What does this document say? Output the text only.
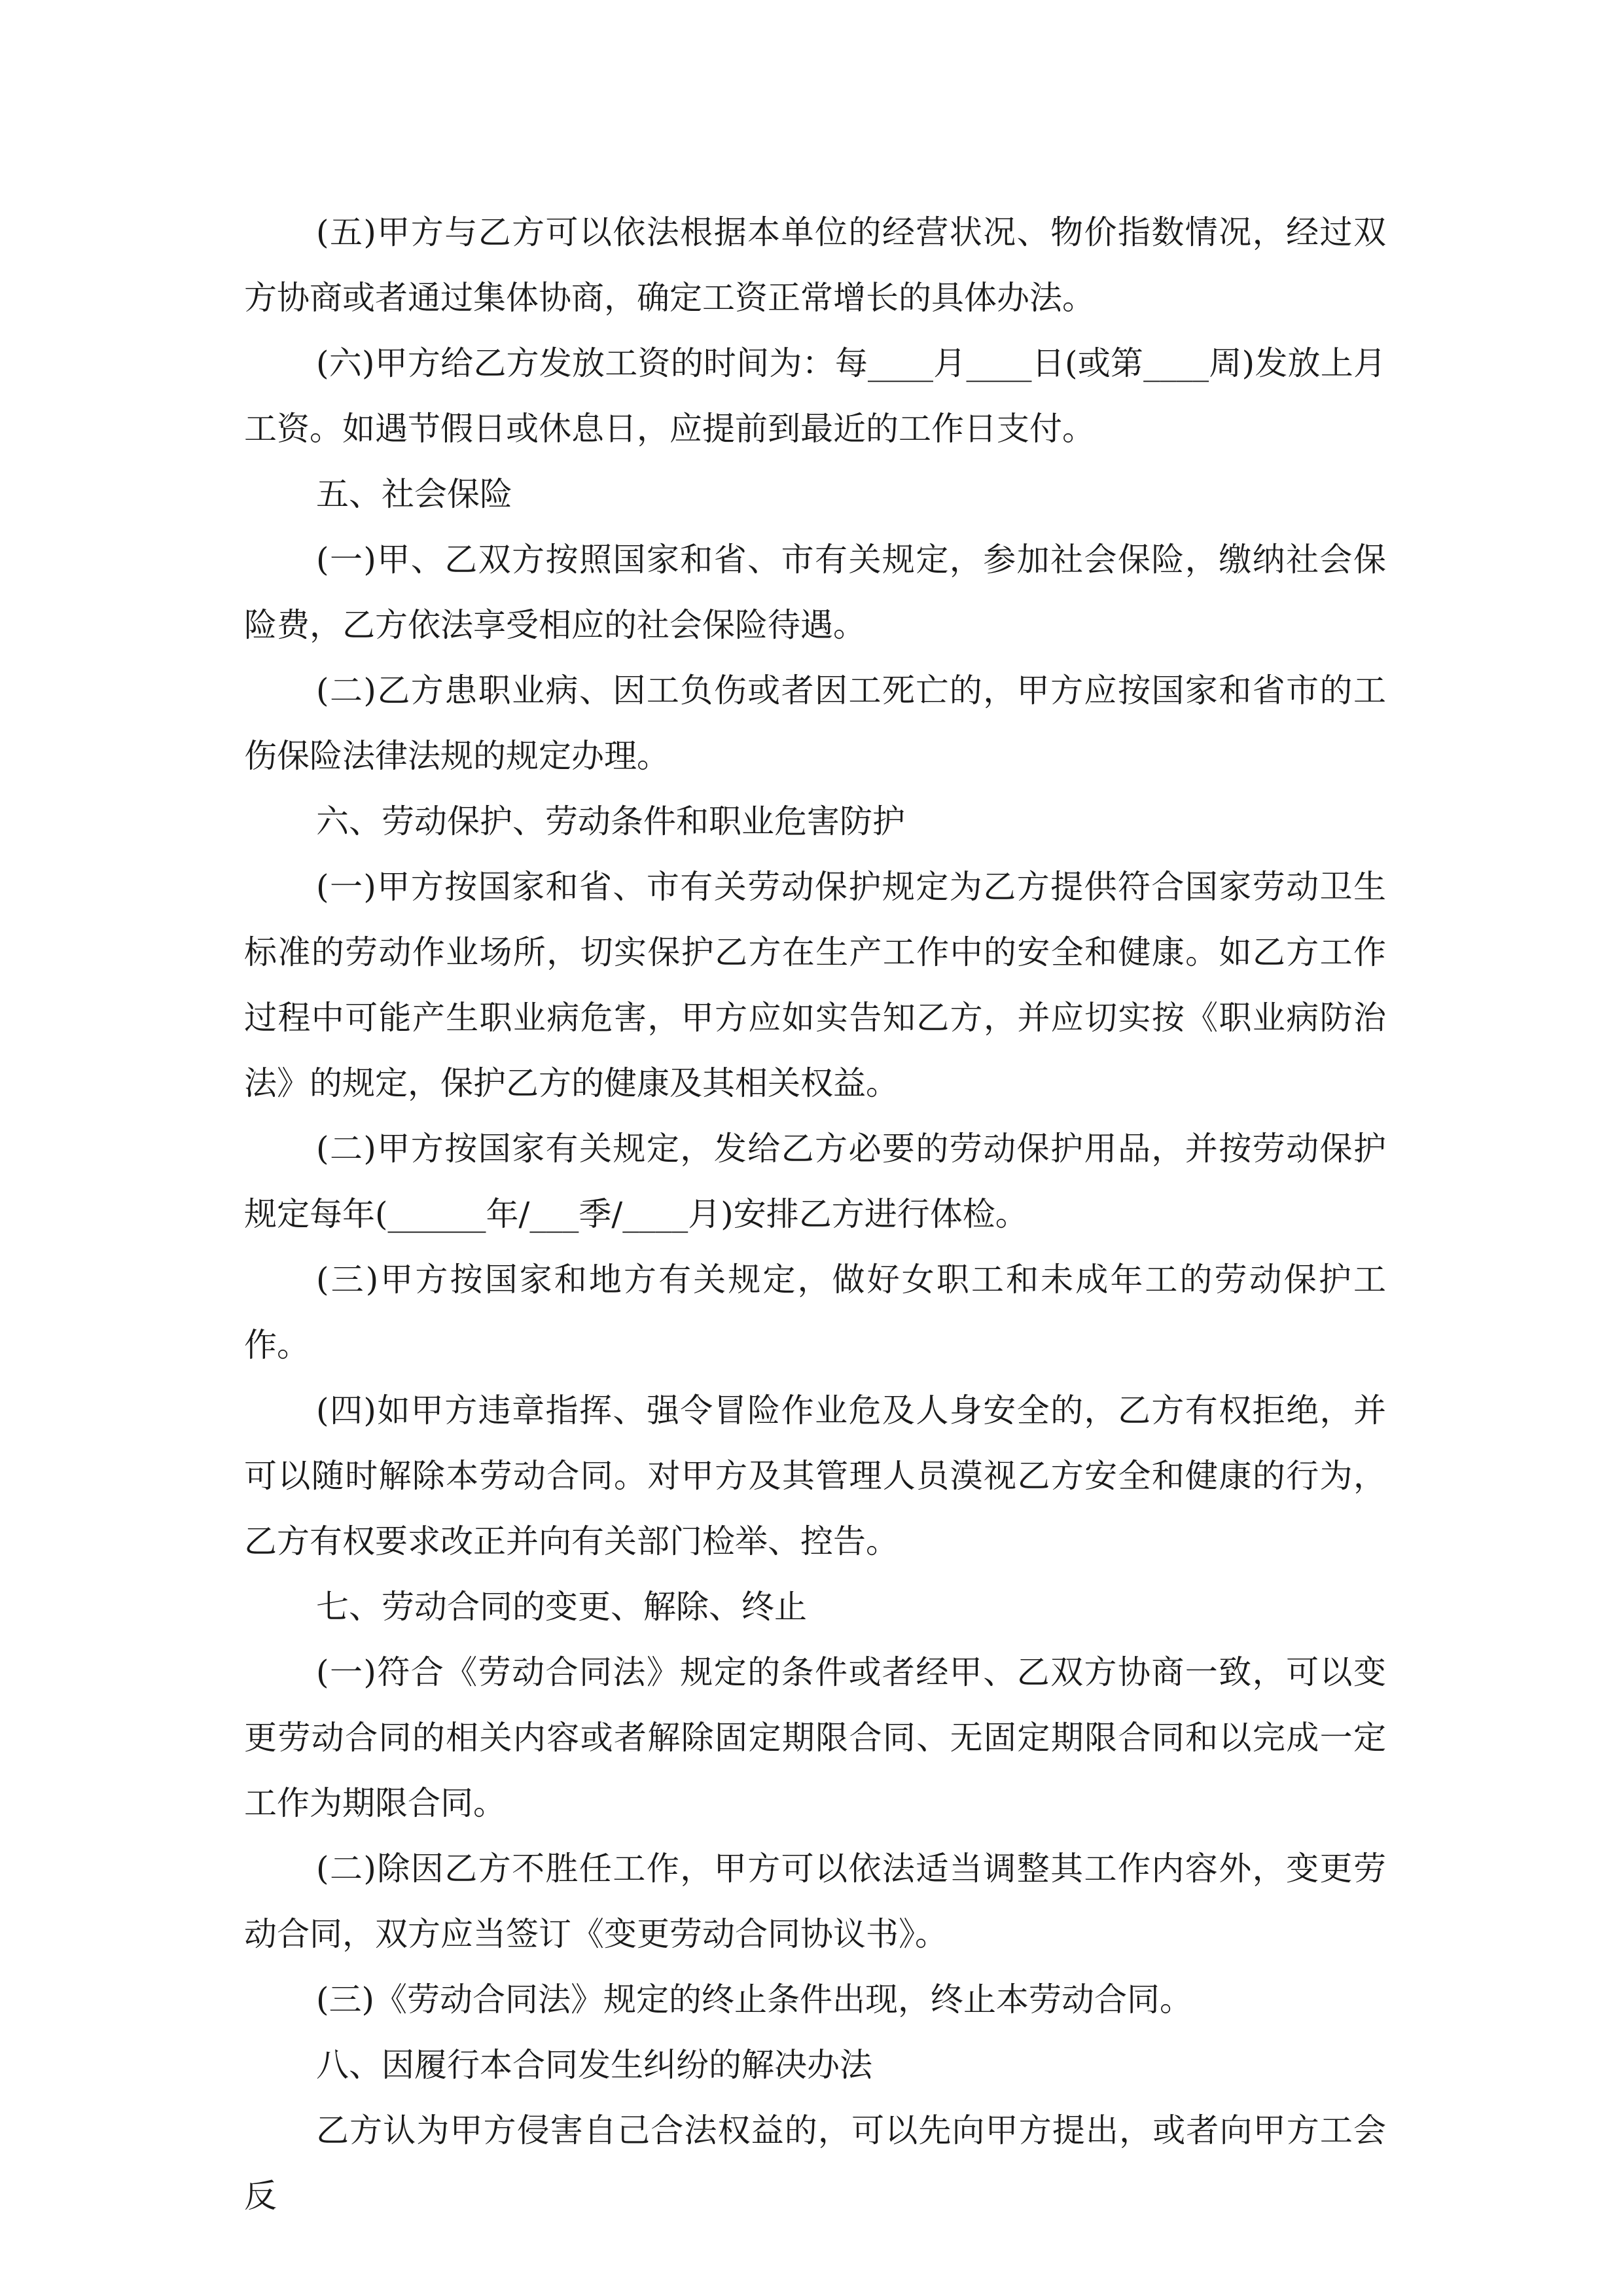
(五)甲方与乙方可以依法根据本单位的经营状况、物价指数情况，经过双方协商或者通过集体协商，确定工资正常增长的具体办法。

(六)甲方给乙方发放工资的时间为：每____月____日(或第____周)发放上月工资。如遇节假日或休息日，应提前到最近的工作日支付。

五、社会保险

(一)甲、乙双方按照国家和省、市有关规定，参加社会保险，缴纳社会保险费，乙方依法享受相应的社会保险待遇。

(二)乙方患职业病、因工负伤或者因工死亡的，甲方应按国家和省市的工伤保险法律法规的规定办理。

六、劳动保护、劳动条件和职业危害防护

(一)甲方按国家和省、市有关劳动保护规定为乙方提供符合国家劳动卫生标准的劳动作业场所，切实保护乙方在生产工作中的安全和健康。如乙方工作过程中可能产生职业病危害，甲方应如实告知乙方，并应切实按《职业病防治法》的规定，保护乙方的健康及其相关权益。

(二)甲方按国家有关规定，发给乙方必要的劳动保护用品，并按劳动保护规定每年(______年/___季/____月)安排乙方进行体检。

(三)甲方按国家和地方有关规定，做好女职工和未成年工的劳动保护工作。

(四)如甲方违章指挥、强令冒险作业危及人身安全的，乙方有权拒绝，并可以随时解除本劳动合同。对甲方及其管理人员漠视乙方安全和健康的行为，乙方有权要求改正并向有关部门检举、控告。

七、劳动合同的变更、解除、终止

(一)符合《劳动合同法》规定的条件或者经甲、乙双方协商一致，可以变更劳动合同的相关内容或者解除固定期限合同、无固定期限合同和以完成一定工作为期限合同。

(二)除因乙方不胜任工作，甲方可以依法适当调整其工作内容外，变更劳动合同，双方应当签订《变更劳动合同协议书》。

(三)《劳动合同法》规定的终止条件出现，终止本劳动合同。

八、因履行本合同发生纠纷的解决办法

乙方认为甲方侵害自己合法权益的，可以先向甲方提出，或者向甲方工会反
